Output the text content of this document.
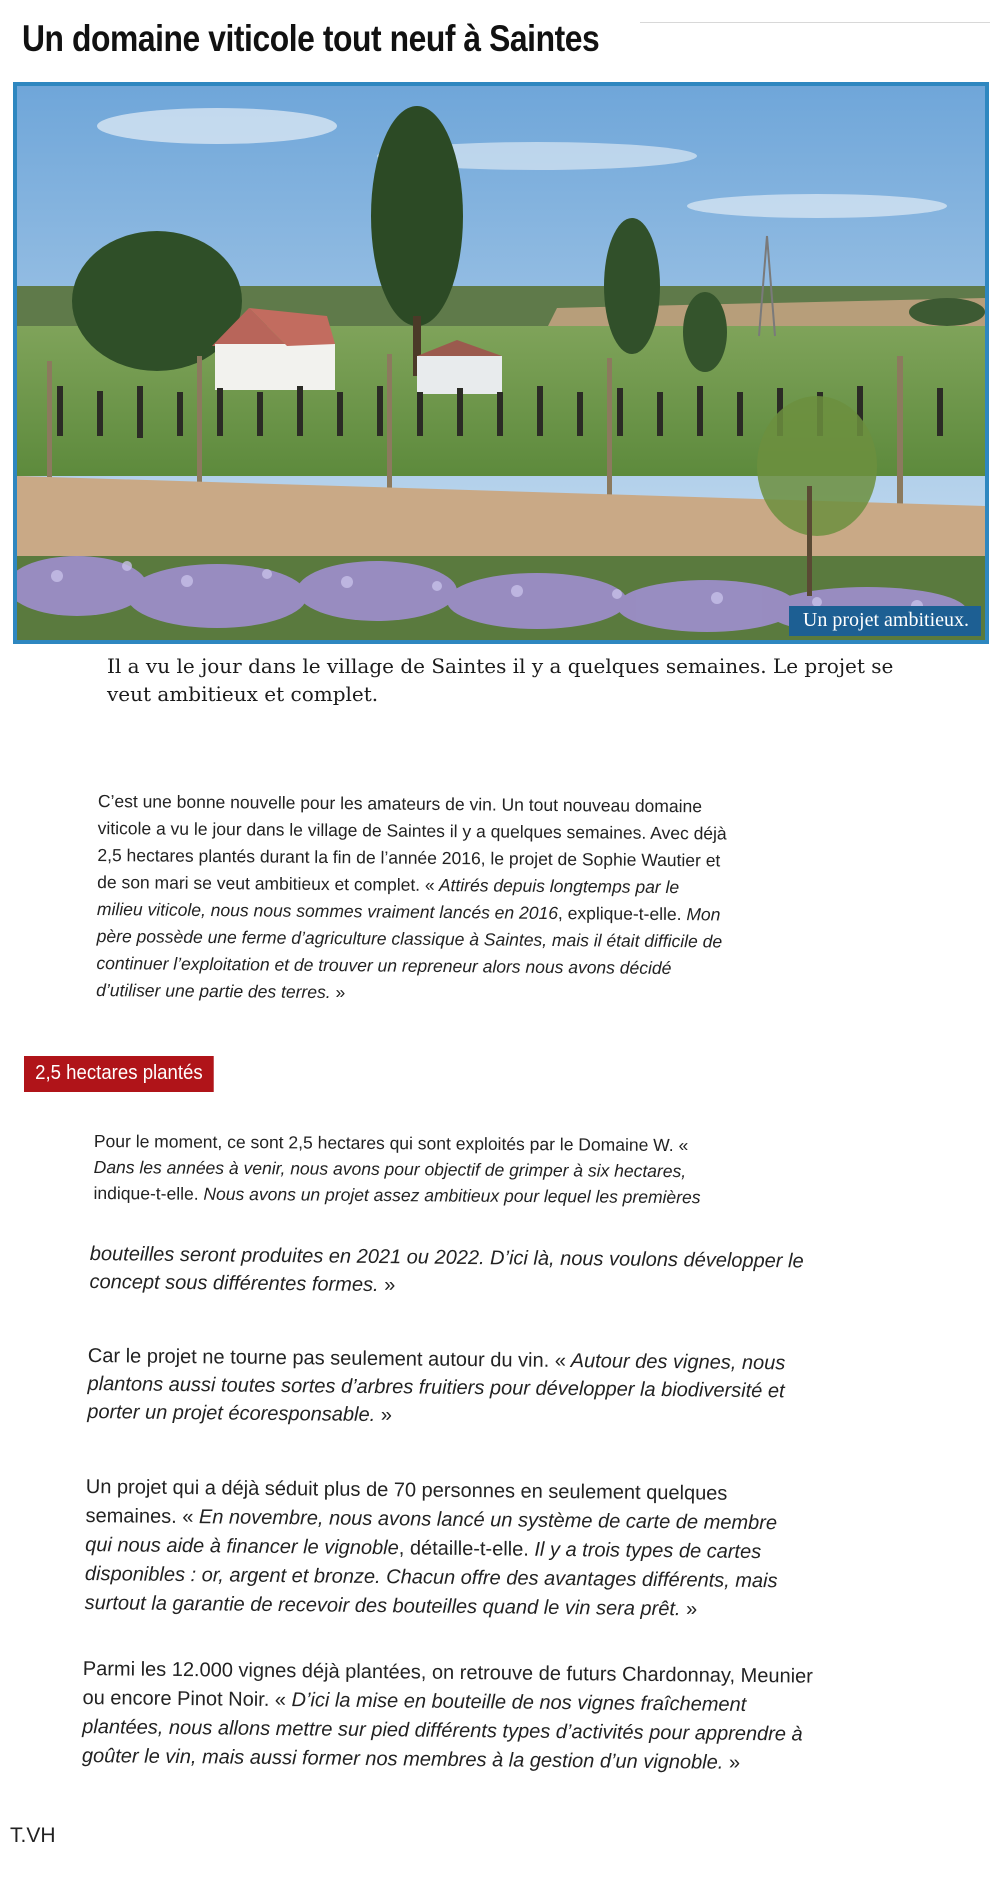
Un domaine viticole tout neuf à Saintes
Un projet ambitieux.

Il a vu le jour dans le village de Saintes il y a quelques semaines. Le projet se
veut ambitieux et complet.

C’est une bonne nouvelle pour les amateurs de vin. Un tout nouveau domaine
viticole a vu le jour dans le village de Saintes il y a quelques semaines. Avec déjà
2,5 hectares plantés durant la fin de l’année 2016, le projet de Sophie Wautier et
de son mari se veut ambitieux et complet. « Attirés depuis longtemps par le
milieu viticole, nous nous sommes vraiment lancés en 2016, explique-t-elle. Mon
père possède une ferme d’agriculture classique à Saintes, mais il était difficile de
continuer l’exploitation et de trouver un repreneur alors nous avons décidé
d’utiliser une partie des terres. »
2,5 hectares plantés
Pour le moment, ce sont 2,5 hectares qui sont exploités par le Domaine W. «
Dans les années à venir, nous avons pour objectif de grimper à six hectares,
indique-t-elle. Nous avons un projet assez ambitieux pour lequel les premières
bouteilles seront produites en 2021 ou 2022. D’ici là, nous voulons développer le
concept sous différentes formes. »
Car le projet ne tourne pas seulement autour du vin. « Autour des vignes, nous
plantons aussi toutes sortes d’arbres fruitiers pour développer la biodiversité et
porter un projet écoresponsable. »
Un projet qui a déjà séduit plus de 70 personnes en seulement quelques
semaines. « En novembre, nous avons lancé un système de carte de membre
qui nous aide à financer le vignoble, détaille-t-elle. Il y a trois types de cartes
disponibles : or, argent et bronze. Chacun offre des avantages différents, mais
surtout la garantie de recevoir des bouteilles quand le vin sera prêt. »
Parmi les 12.000 vignes déjà plantées, on retrouve de futurs Chardonnay, Meunier
ou encore Pinot Noir. « D’ici la mise en bouteille de nos vignes fraîchement
plantées, nous allons mettre sur pied différents types d’activités pour apprendre à
goûter le vin, mais aussi former nos membres à la gestion d’un vignoble. »
T.VH
